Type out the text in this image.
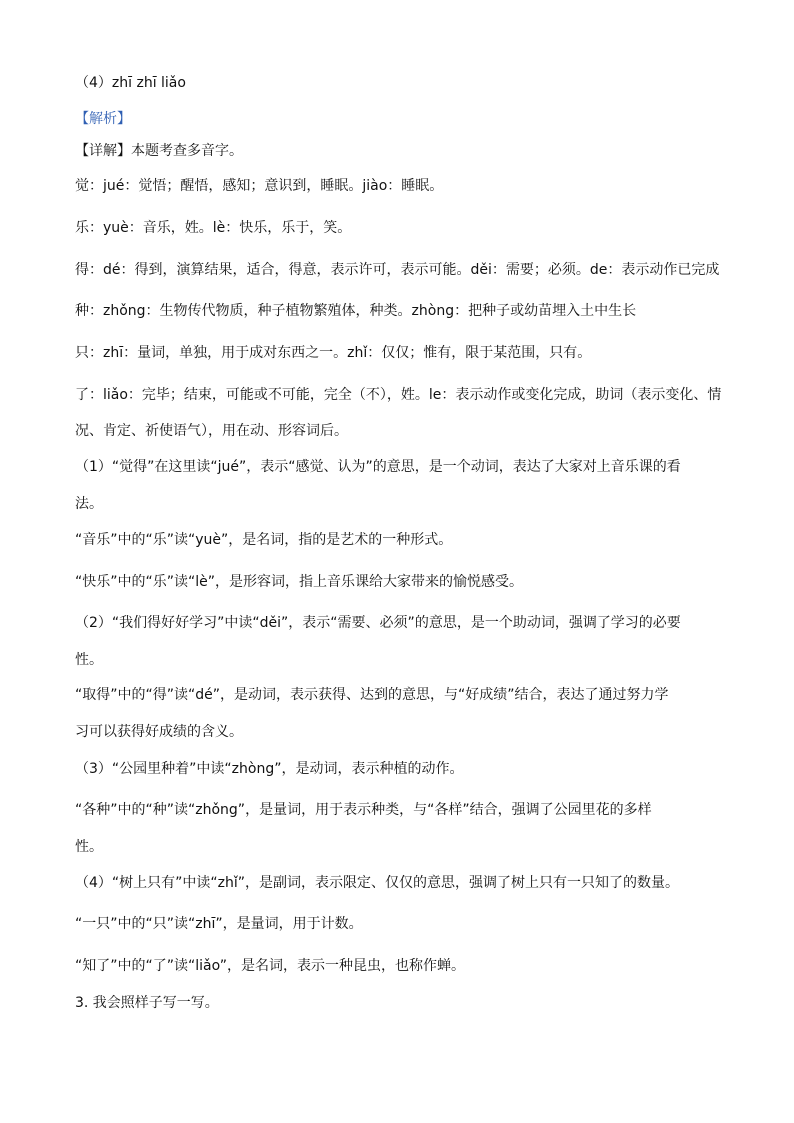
（4）zhī zhī liǎo
【解析】
【详解】本题考查多音字。
觉：jué：觉悟；醒悟，感知；意识到，睡眠。jiào：睡眠。
乐：yuè：音乐，姓。lè：快乐，乐于，笑。
得：dé：得到，演算结果，适合，得意，表示许可，表示可能。děi：需要；必须。de：表示动作已完成
种：zhǒng：生物传代物质，种子植物繁殖体，种类。zhòng：把种子或幼苗埋入土中生长
只：zhī：量词，单独，用于成对东西之一。zhǐ：仅仅；惟有，限于某范围，只有。
了：liǎo：完毕；结束，可能或不可能，完全（不），姓。le：表示动作或变化完成，助词（表示变化、情
况、肯定、祈使语气），用在动、形容词后。
（1）“觉得”在这里读“jué”，表示“感觉、认为”的意思，是一个动词，表达了大家对上音乐课的看
法。
“音乐”中的“乐”读“yuè”，是名词，指的是艺术的一种形式。
“快乐”中的“乐”读“lè”，是形容词，指上音乐课给大家带来的愉悦感受。
（2）“我们得好好学习”中读“děi”，表示“需要、必须”的意思，是一个助动词，强调了学习的必要
性。
“取得”中的“得”读“dé”，是动词，表示获得、达到的意思，与“好成绩”结合，表达了通过努力学
习可以获得好成绩的含义。
（3）“公园里种着”中读“zhòng”，是动词，表示种植的动作。
“各种”中的“种”读“zhǒng”，是量词，用于表示种类，与“各样”结合，强调了公园里花的多样
性。
（4）“树上只有”中读“zhǐ”，是副词，表示限定、仅仅的意思，强调了树上只有一只知了的数量。
“一只”中的“只”读“zhī”，是量词，用于计数。
“知了”中的“了”读“liǎo”，是名词，表示一种昆虫，也称作蝉。
3. 我会照样子写一写。
